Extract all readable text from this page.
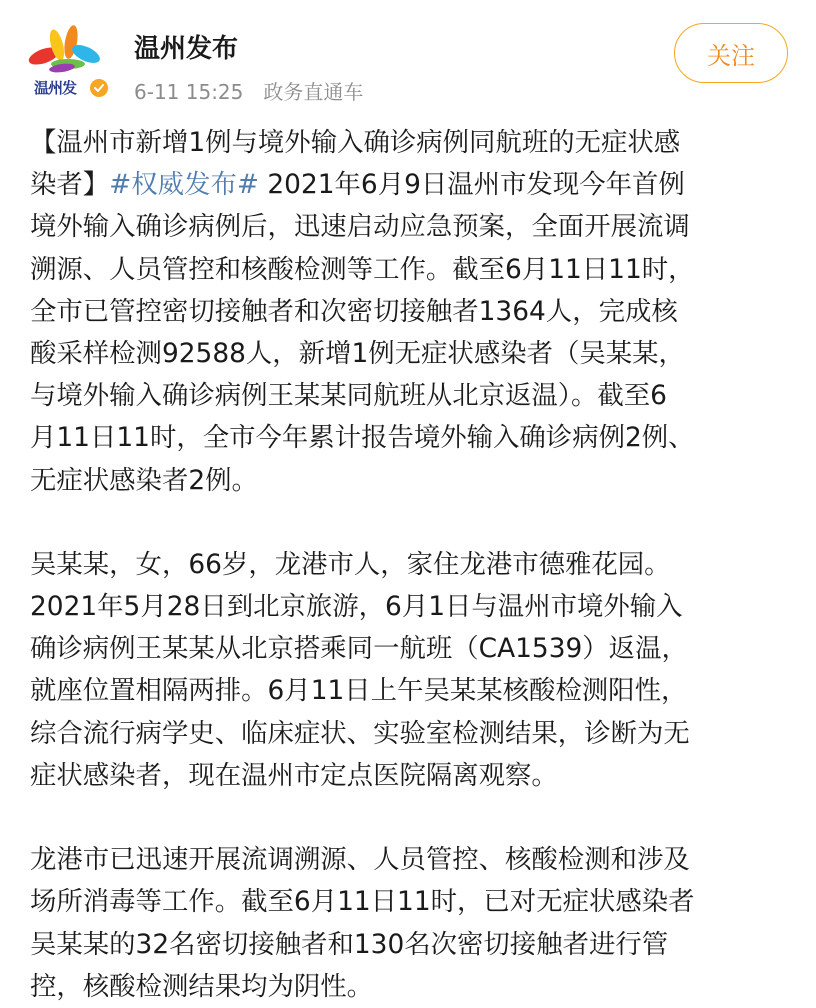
温州发
温州发布
6-11 15:25 政务直通车
关注
【温州市新增1例与境外输入确诊病例同航班的无症状感
染者】#权威发布# 2021年6月9日温州市发现今年首例
境外输入确诊病例后，迅速启动应急预案，全面开展流调
溯源、人员管控和核酸检测等工作。截至6月11日11时，
全市已管控密切接触者和次密切接触者1364人，完成核
酸采样检测92588人，新增1例无症状感染者（吴某某，
与境外输入确诊病例王某某同航班从北京返温）。截至6
月11日11时，全市今年累计报告境外输入确诊病例2例、
无症状感染者2例。
吴某某，女，66岁，龙港市人，家住龙港市德雅花园。
2021年5月28日到北京旅游，6月1日与温州市境外输入
确诊病例王某某从北京搭乘同一航班（CA1539）返温，
就座位置相隔两排。6月11日上午吴某某核酸检测阳性，
综合流行病学史、临床症状、实验室检测结果，诊断为无
症状感染者，现在温州市定点医院隔离观察。
龙港市已迅速开展流调溯源、人员管控、核酸检测和涉及
场所消毒等工作。截至6月11日11时，已对无症状感染者
吴某某的32名密切接触者和130名次密切接触者进行管
控，核酸检测结果均为阴性。
